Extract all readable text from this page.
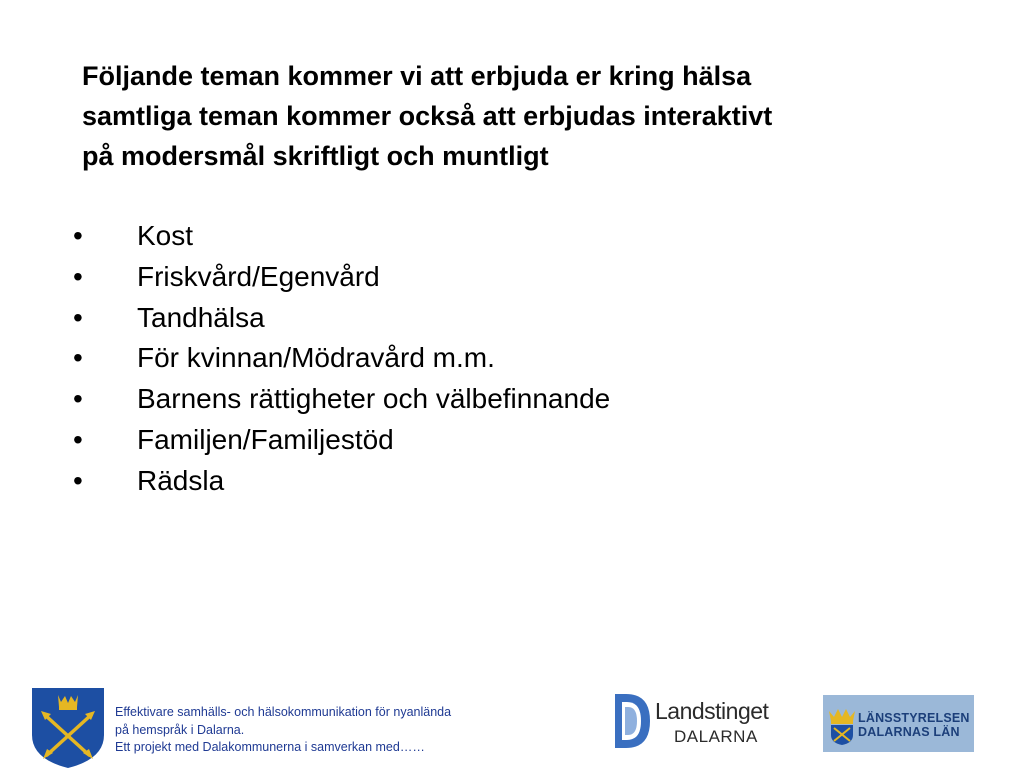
Följande teman kommer vi att erbjuda er kring hälsa
samtliga teman kommer också att erbjudas interaktivt
på modersmål skriftligt och muntligt
•	Kost
•	Friskvård/Egenvård
•	Tandhälsa
•	För kvinnan/Mödravård m.m.
•	Barnens rättigheter och välbefinnande
•	Familjen/Familjestöd
•	Rädsla
Effektivare samhälls- och hälsokommunikation för nyanlända
på hemspråk i Dalarna.
Ett projekt med Dalakommunerna i samverkan med……
Landstinget
DALARNA
LÄNSSTYRELSEN
DALARNAS LÄN
